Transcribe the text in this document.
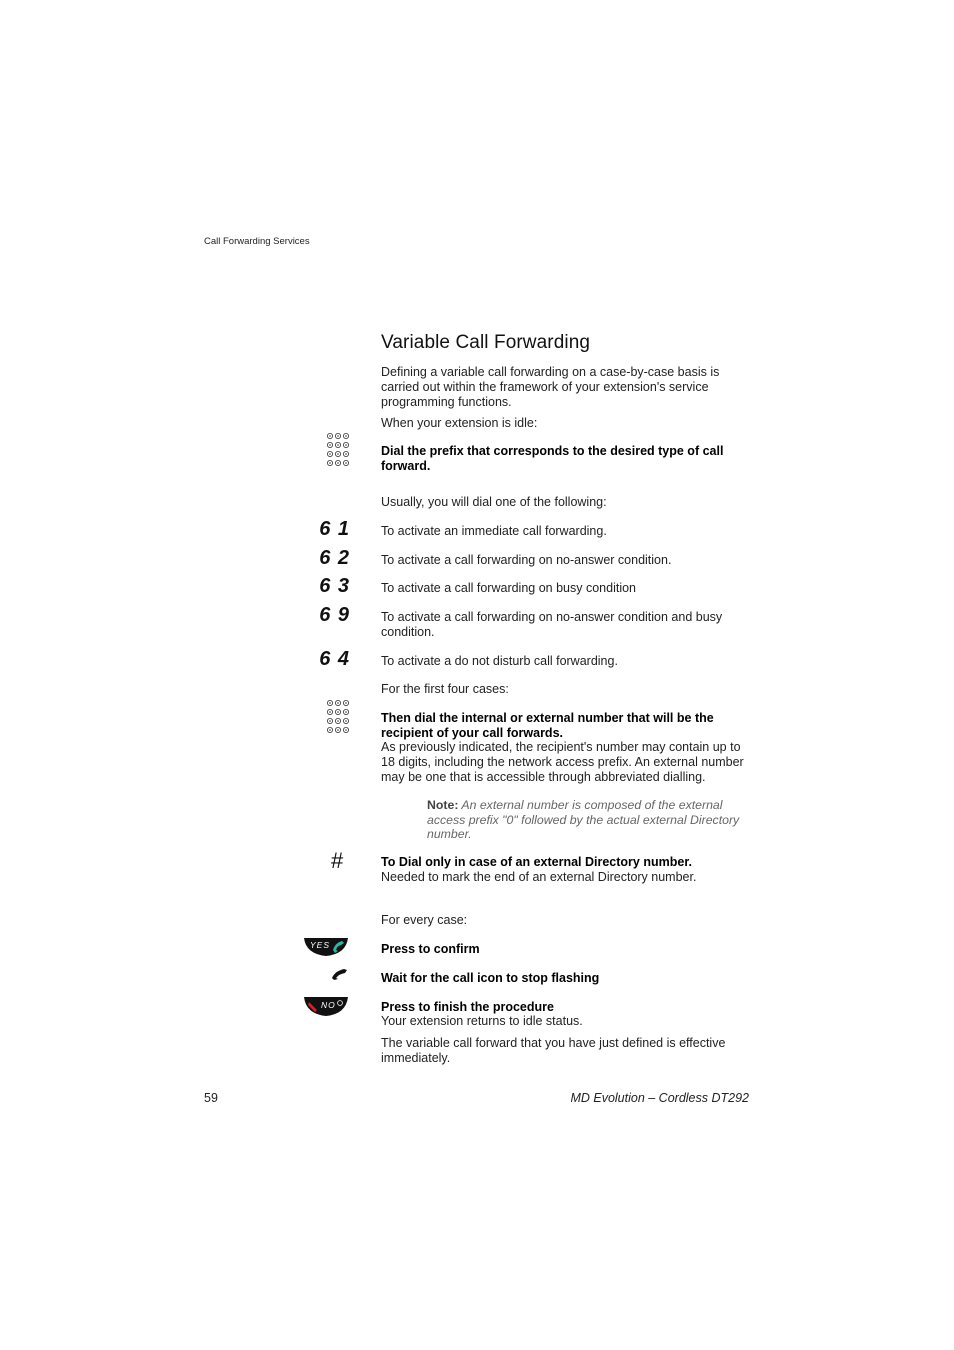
Call Forwarding Services
Variable Call Forwarding
Defining a variable call forwarding on a case-by-case basis is carried out within the framework of your extension's service programming functions.
When your extension is idle:
Dial the prefix that corresponds to the desired type of call forward.
Usually, you will dial one of the following:
6 1 To activate an immediate call forwarding.
6 2 To activate a call forwarding on no-answer condition.
6 3 To activate a call forwarding on busy condition
6 9 To activate a call forwarding on no-answer condition and busy condition.
6 4 To activate a do not disturb call forwarding.
For the first four cases:
Then dial the internal or external number that will be the recipient of your call forwards.
As previously indicated, the recipient's number may contain up to 18 digits, including the network access prefix. An external number may be one that is accessible through abbreviated dialling.
Note: An external number is composed of the external access prefix "0" followed by the actual external Directory number.
#	To Dial only in case of an external Directory number.
Needed to mark the end of an external Directory number.
For every case:
YES	Press to confirm
Wait for the call icon to stop flashing
NO	Press to finish the procedure
Your extension returns to idle status.
The variable call forward that you have just defined is effective immediately.
59	MD Evolution – Cordless DT292
